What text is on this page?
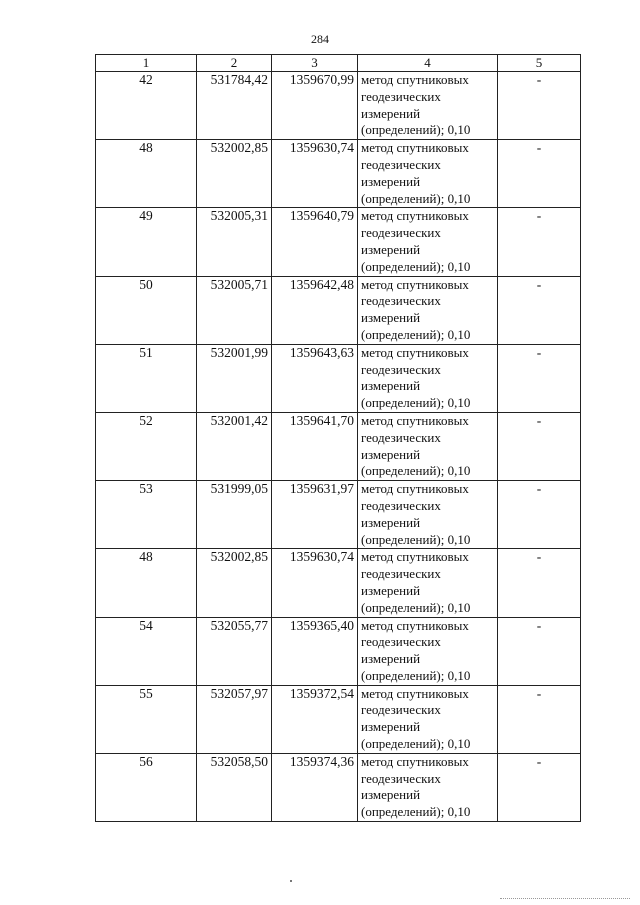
284
1	2	3	4	5
42	531784,42	1359670,99	метод спутниковых
геодезических
измерений
(определений); 0,10	-
48	532002,85	1359630,74	метод спутниковых
геодезических
измерений
(определений); 0,10	-
49	532005,31	1359640,79	метод спутниковых
геодезических
измерений
(определений); 0,10	-
50	532005,71	1359642,48	метод спутниковых
геодезических
измерений
(определений); 0,10	-
51	532001,99	1359643,63	метод спутниковых
геодезических
измерений
(определений); 0,10	-
52	532001,42	1359641,70	метод спутниковых
геодезических
измерений
(определений); 0,10	-
53	531999,05	1359631,97	метод спутниковых
геодезических
измерений
(определений); 0,10	-
48	532002,85	1359630,74	метод спутниковых
геодезических
измерений
(определений); 0,10	-
54	532055,77	1359365,40	метод спутниковых
геодезических
измерений
(определений); 0,10	-
55	532057,97	1359372,54	метод спутниковых
геодезических
измерений
(определений); 0,10	-
56	532058,50	1359374,36	метод спутниковых
геодезических
измерений
(определений); 0,10	-
